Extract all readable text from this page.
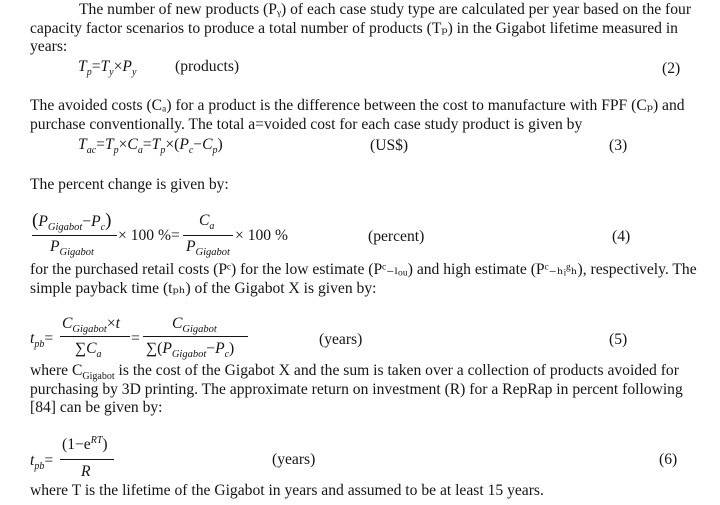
The number of new products (Pᵧ) of each case study type are calculated per year based on the four capacity factor scenarios to produce a total number of products (Tₚ) in the Gigabot lifetime measured in years:
$T_p=T_y\times P_y$ (products)	(2)
The avoided costs (Cₐ) for a product is the difference between the cost to manufacture with FPF (Cₚ) and purchase conventionally. The total a=voided cost for each case study product is given by
$T_{ac}=T_p\times C_a=T_p\times(P_c-C_p)$	(US$)	(3)
The percent change is given by:
$(P_{Gigabot}-P_c)$
$P_{Gigabot}$
× 100 %=
$C_a$
$P_{Gigabot}$
× 100 %	(percent)	(4)
for the purchased retail costs (Pᶜ) for the low estimate (Pᶜ₋ₗₒᵤ) and high estimate (Pᶜ₋ₕᵢᵍₕ), respectively. The simple payback time (tₚₕ) of the Gigabot X is given by:
$t_{pb}=$
$C_{Gigabot}\times t$
$\sum C_a$
=
$C_{Gigabot}$
$\sum(P_{Gigabot}-P_c)$
(years)	(5)
where $C_{Gigabot}$ is the cost of the Gigabot X and the sum is taken over a collection of products avoided for purchasing by 3D printing. The approximate return on investment (R) for a RepRap in percent following [84] can be given by:
$t_{pb}=$
$(1-e^{RT})$
R
(years)	(6)
where T is the lifetime of the Gigabot in years and assumed to be at least 15 years.
